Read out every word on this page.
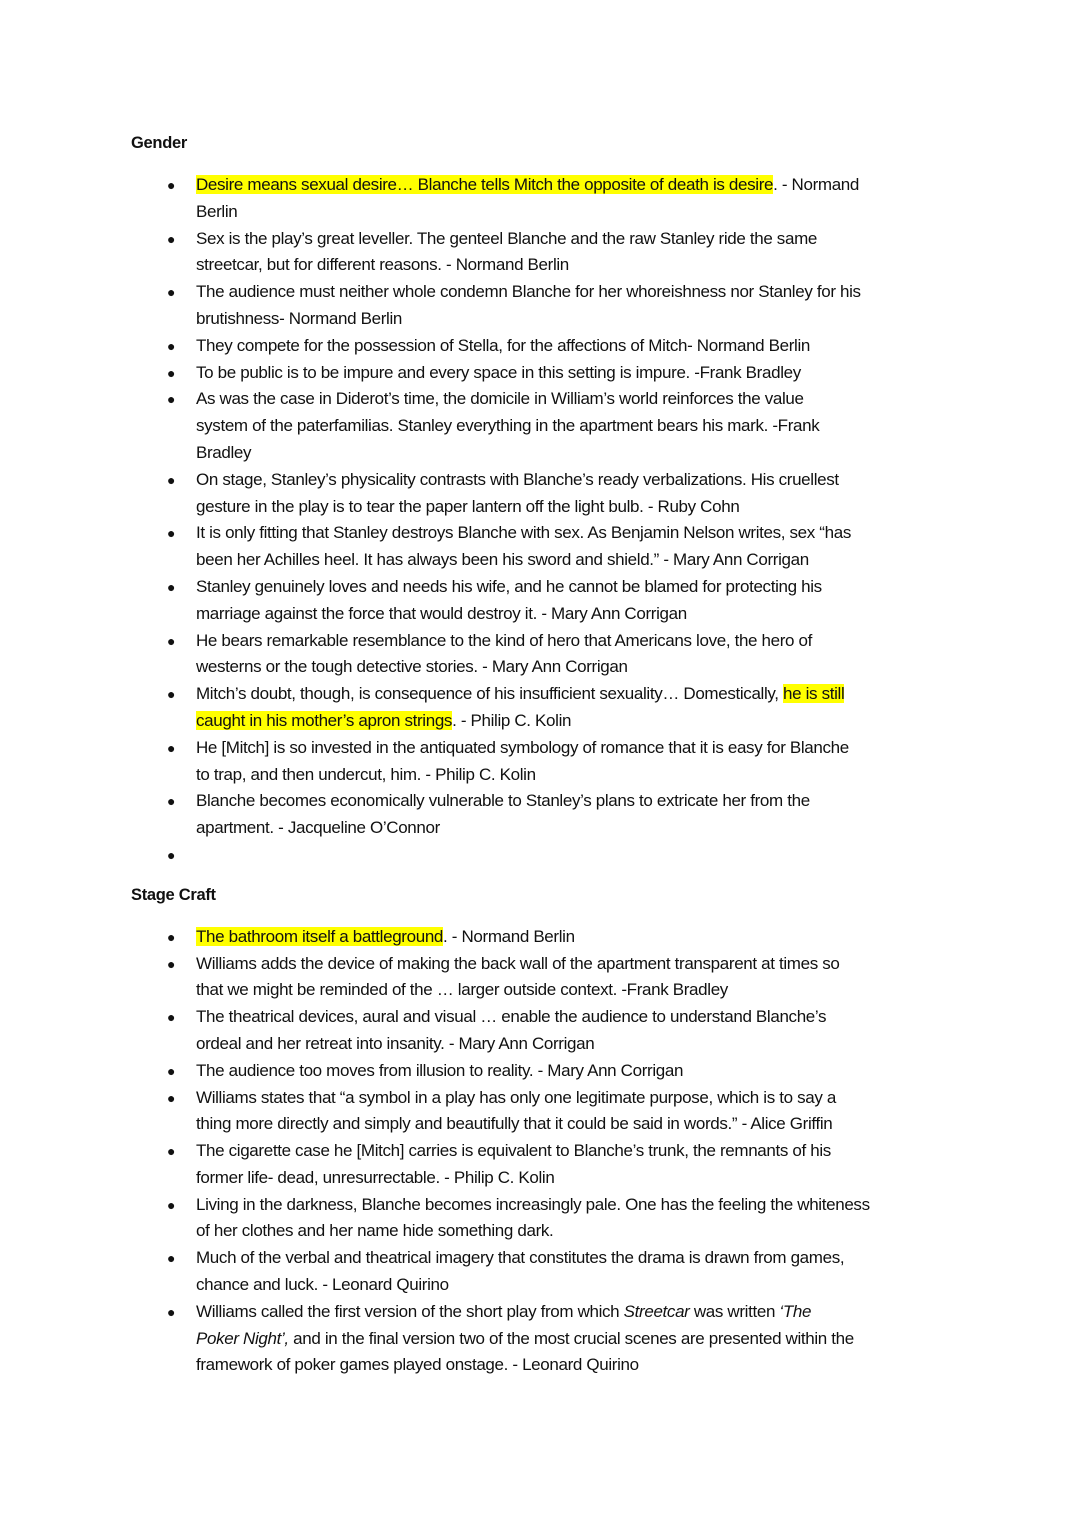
Gender
● Desire means sexual desire… Blanche tells Mitch the opposite of death is desire. - Normand
Berlin
● Sex is the play’s great leveller. The genteel Blanche and the raw Stanley ride the same
streetcar, but for different reasons. - Normand Berlin
● The audience must neither whole condemn Blanche for her whoreishness nor Stanley for his
brutishness- Normand Berlin
● They compete for the possession of Stella, for the affections of Mitch- Normand Berlin
● To be public is to be impure and every space in this setting is impure. -Frank Bradley
● As was the case in Diderot’s time, the domicile in William’s world reinforces the value
system of the paterfamilias. Stanley everything in the apartment bears his mark. -Frank
Bradley
● On stage, Stanley’s physicality contrasts with Blanche’s ready verbalizations. His cruellest
gesture in the play is to tear the paper lantern off the light bulb. - Ruby Cohn
● It is only fitting that Stanley destroys Blanche with sex. As Benjamin Nelson writes, sex “has
been her Achilles heel. It has always been his sword and shield.” - Mary Ann Corrigan
● Stanley genuinely loves and needs his wife, and he cannot be blamed for protecting his
marriage against the force that would destroy it. - Mary Ann Corrigan
● He bears remarkable resemblance to the kind of hero that Americans love, the hero of
westerns or the tough detective stories. - Mary Ann Corrigan
● Mitch’s doubt, though, is consequence of his insufficient sexuality… Domestically, he is still
caught in his mother’s apron strings. - Philip C. Kolin
● He [Mitch] is so invested in the antiquated symbology of romance that it is easy for Blanche
to trap, and then undercut, him. - Philip C. Kolin
● Blanche becomes economically vulnerable to Stanley’s plans to extricate her from the
apartment. - Jacqueline O’Connor
●
Stage Craft
● The bathroom itself a battleground. - Normand Berlin
● Williams adds the device of making the back wall of the apartment transparent at times so
that we might be reminded of the … larger outside context. -Frank Bradley
● The theatrical devices, aural and visual … enable the audience to understand Blanche’s
ordeal and her retreat into insanity. - Mary Ann Corrigan
● The audience too moves from illusion to reality. - Mary Ann Corrigan
● Williams states that “a symbol in a play has only one legitimate purpose, which is to say a
thing more directly and simply and beautifully that it could be said in words.” - Alice Griffin
● The cigarette case he [Mitch] carries is equivalent to Blanche’s trunk, the remnants of his
former life- dead, unresurrectable. - Philip C. Kolin
● Living in the darkness, Blanche becomes increasingly pale. One has the feeling the whiteness
of her clothes and her name hide something dark.
● Much of the verbal and theatrical imagery that constitutes the drama is drawn from games,
chance and luck. - Leonard Quirino
● Williams called the first version of the short play from which Streetcar was written ‘The
Poker Night’, and in the final version two of the most crucial scenes are presented within the
framework of poker games played onstage. - Leonard Quirino
